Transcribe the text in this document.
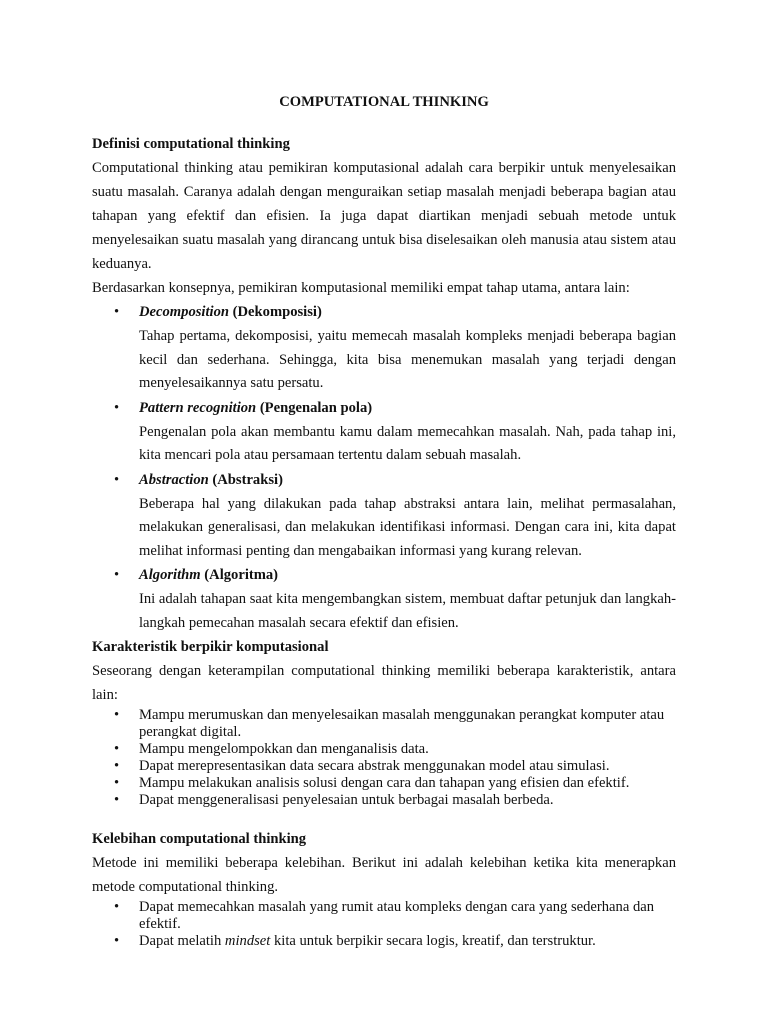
COMPUTATIONAL THINKING
Definisi computational thinking

Computational thinking atau pemikiran komputasional adalah cara berpikir untuk menyelesaikan suatu masalah. Caranya adalah dengan menguraikan setiap masalah menjadi beberapa bagian atau tahapan yang efektif dan efisien. Ia juga dapat diartikan menjadi sebuah metode untuk menyelesaikan suatu masalah yang dirancang untuk bisa diselesaikan oleh manusia atau sistem atau keduanya.

Berdasarkan konsepnya, pemikiran komputasional memiliki empat tahap utama, antara lain:

• Decomposition (Dekomposisi)
Tahap pertama, dekomposisi, yaitu memecah masalah kompleks menjadi beberapa bagian kecil dan sederhana. Sehingga, kita bisa menemukan masalah yang terjadi dengan menyelesaikannya satu persatu.
• Pattern recognition (Pengenalan pola)
Pengenalan pola akan membantu kamu dalam memecahkan masalah. Nah, pada tahap ini, kita mencari pola atau persamaan tertentu dalam sebuah masalah.
• Abstraction (Abstraksi)
Beberapa hal yang dilakukan pada tahap abstraksi antara lain, melihat permasalahan, melakukan generalisasi, dan melakukan identifikasi informasi. Dengan cara ini, kita dapat melihat informasi penting dan mengabaikan informasi yang kurang relevan.
• Algorithm (Algoritma)
Ini adalah tahapan saat kita mengembangkan sistem, membuat daftar petunjuk dan langkah-langkah pemecahan masalah secara efektif dan efisien.
Karakteristik berpikir komputasional

Seseorang dengan keterampilan computational thinking memiliki beberapa karakteristik, antara lain:

• Mampu merumuskan dan menyelesaikan masalah menggunakan perangkat komputer atau perangkat digital.
• Mampu mengelompokkan dan menganalisis data.
• Dapat merepresentasikan data secara abstrak menggunakan model atau simulasi.
• Mampu melakukan analisis solusi dengan cara dan tahapan yang efisien dan efektif.
• Dapat menggeneralisasi penyelesaian untuk berbagai masalah berbeda.
Kelebihan computational thinking

Metode ini memiliki beberapa kelebihan. Berikut ini adalah kelebihan ketika kita menerapkan metode computational thinking.

• Dapat memecahkan masalah yang rumit atau kompleks dengan cara yang sederhana dan efektif.
• Dapat melatih mindset kita untuk berpikir secara logis, kreatif, dan terstruktur.
